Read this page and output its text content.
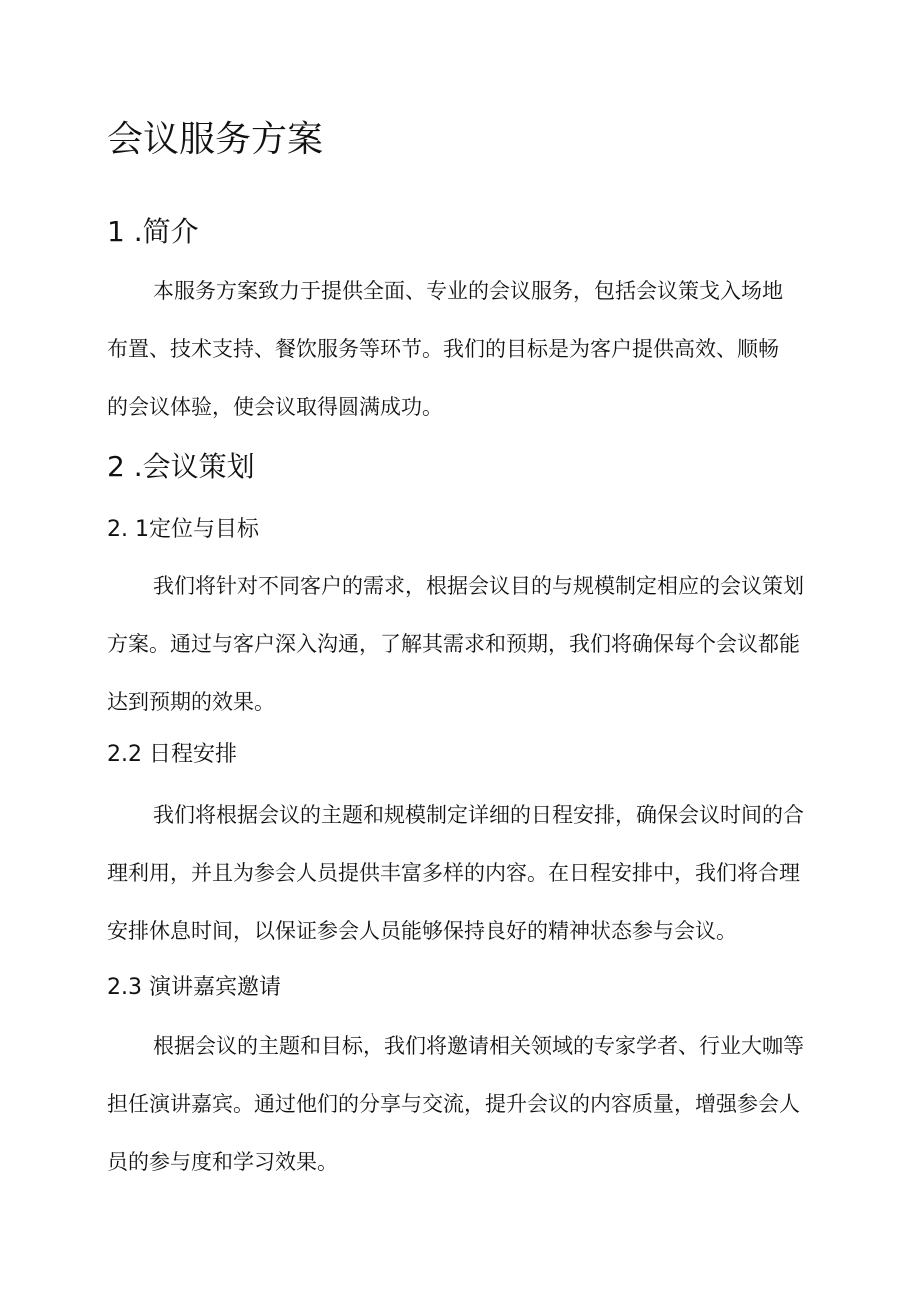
会议服务方案
1 .简介
本服务方案致力于提供全面、专业的会议服务，包括会议策戈入场地
布置、技术支持、餐饮服务等环节。我们的目标是为客户提供高效、顺畅
的会议体验，使会议取得圆满成功。
2 .会议策划
2. 1定位与目标
我们将针对不同客户的需求，根据会议目的与规模制定相应的会议策划
方案。通过与客户深入沟通，了解其需求和预期，我们将确保每个会议都能
达到预期的效果。
2.2 日程安排
我们将根据会议的主题和规模制定详细的日程安排，确保会议时间的合
理利用，并且为参会人员提供丰富多样的内容。在日程安排中，我们将合理
安排休息时间，以保证参会人员能够保持良好的精神状态参与会议。
2.3 演讲嘉宾邀请
根据会议的主题和目标，我们将邀请相关领域的专家学者、行业大咖等
担任演讲嘉宾。通过他们的分享与交流，提升会议的内容质量，增强参会人
员的参与度和学习效果。
